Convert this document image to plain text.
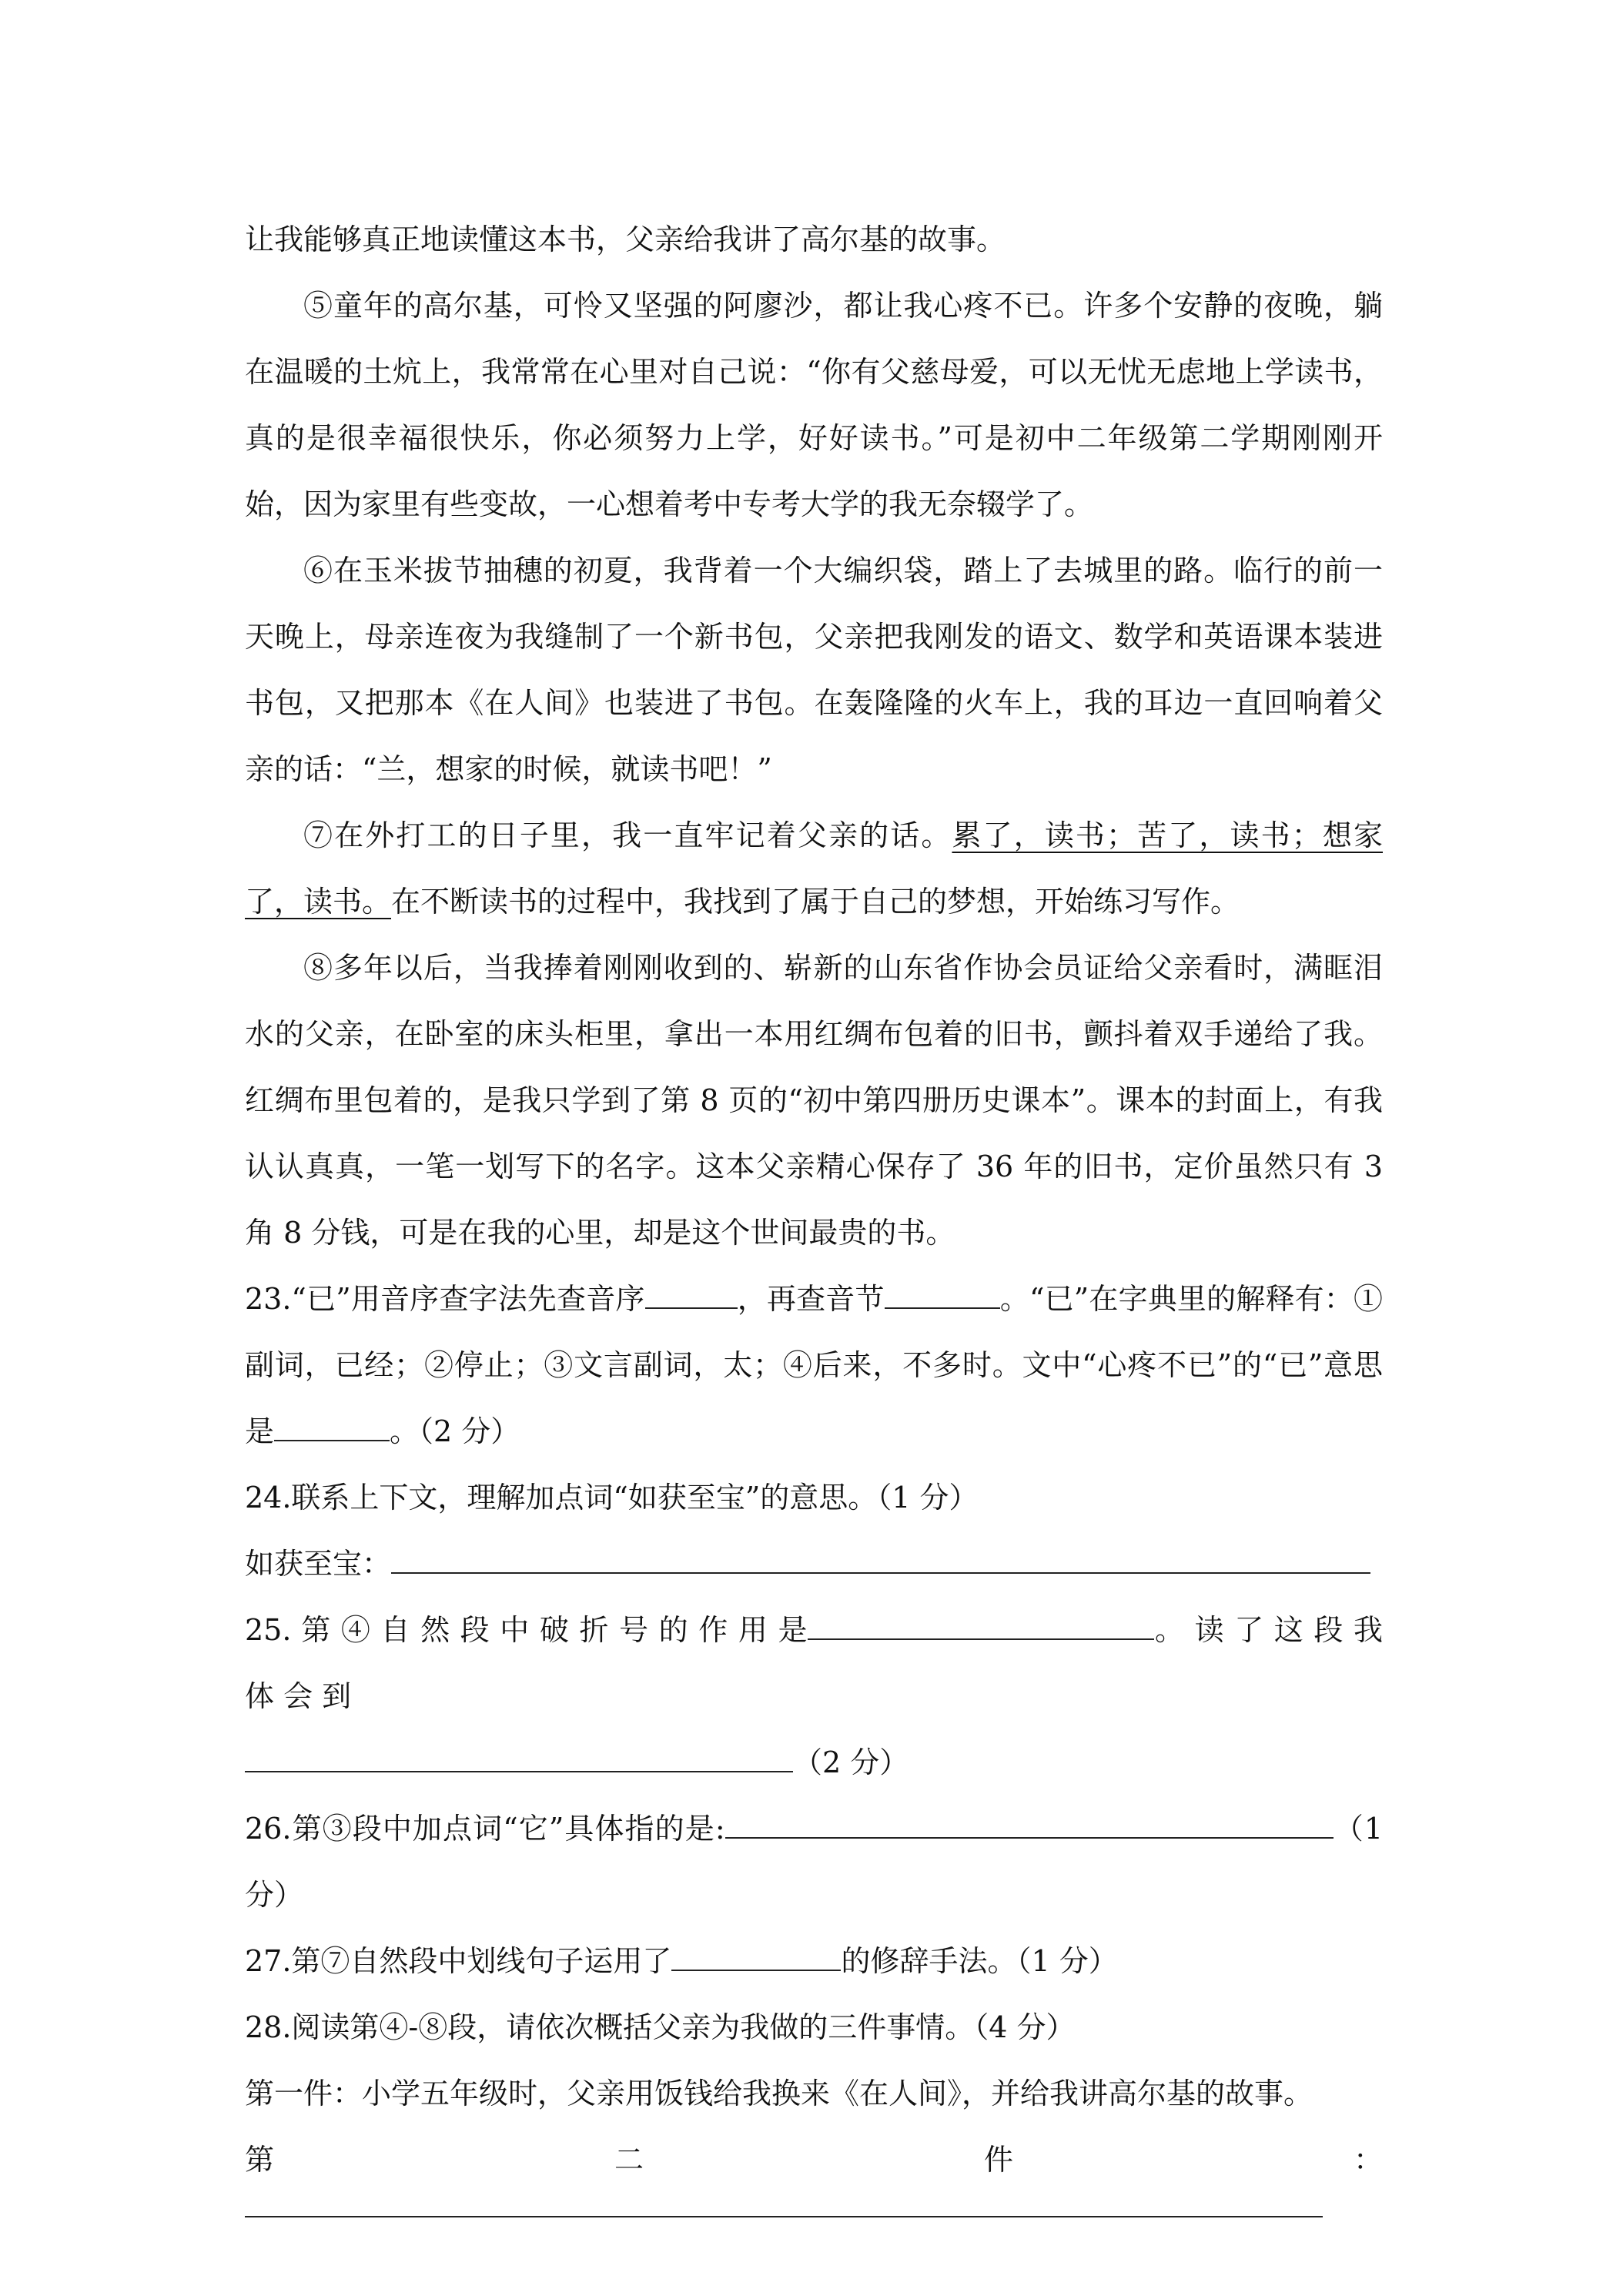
让我能够真正地读懂这本书，父亲给我讲了高尔基的故事。

⑤童年的高尔基，可怜又坚强的阿廖沙，都让我心疼不已。许多个安静的夜晚，躺在温暖的土炕上，我常常在心里对自己说：“你有父慈母爱，可以无忧无虑地上学读书，真的是很幸福很快乐，你必须努力上学，好好读书。”可是初中二年级第二学期刚刚开始，因为家里有些变故，一心想着考中专考大学的我无奈辍学了。

⑥在玉米拔节抽穗的初夏，我背着一个大编织袋，踏上了去城里的路。临行的前一天晚上，母亲连夜为我缝制了一个新书包，父亲把我刚发的语文、数学和英语课本装进书包，又把那本《在人间》也装进了书包。在轰隆隆的火车上，我的耳边一直回响着父亲的话：“兰，想家的时候，就读书吧！”

⑦在外打工的日子里，我一直牢记着父亲的话。累了，读书；苦了，读书；想家了，读书。在不断读书的过程中，我找到了属于自己的梦想，开始练习写作。

⑧多年以后，当我捧着刚刚收到的、崭新的山东省作协会员证给父亲看时，满眶泪水的父亲，在卧室的床头柜里，拿出一本用红绸布包着的旧书，颤抖着双手递给了我。红绸布里包着的，是我只学到了第 8 页的“初中第四册历史课本”。课本的封面上，有我认认真真，一笔一划写下的名字。这本父亲精心保存了 36 年的旧书，定价虽然只有 3 角 8 分钱，可是在我的心里，却是这个世间最贵的书。

23.“已”用音序查字法先查音序	，再查音节	。“已”在字典里的解释有：①副词，已经；②停止；③文言副词，太；④后来，不多时。文中“心疼不已”的“已”意思是	。（2 分）

24.联系上下文，理解加点词“如获至宝”的意思。（1 分）

如获至宝：

25. 第 ④ 自 然 段 中 破 折 号 的 作 用 是	。 读 了 这 段 我 体 会 到
（2 分）

26.第③段中加点词“它”具体指的是:	（1 分）

27.第⑦自然段中划线句子运用了	的修辞手法。（1 分）

28.阅读第④-⑧段，请依次概括父亲为我做的三件事情。（4 分）

第一件：小学五年级时，父亲用饭钱给我换来《在人间》，并给我讲高尔基的故事。

第	二	件	：
